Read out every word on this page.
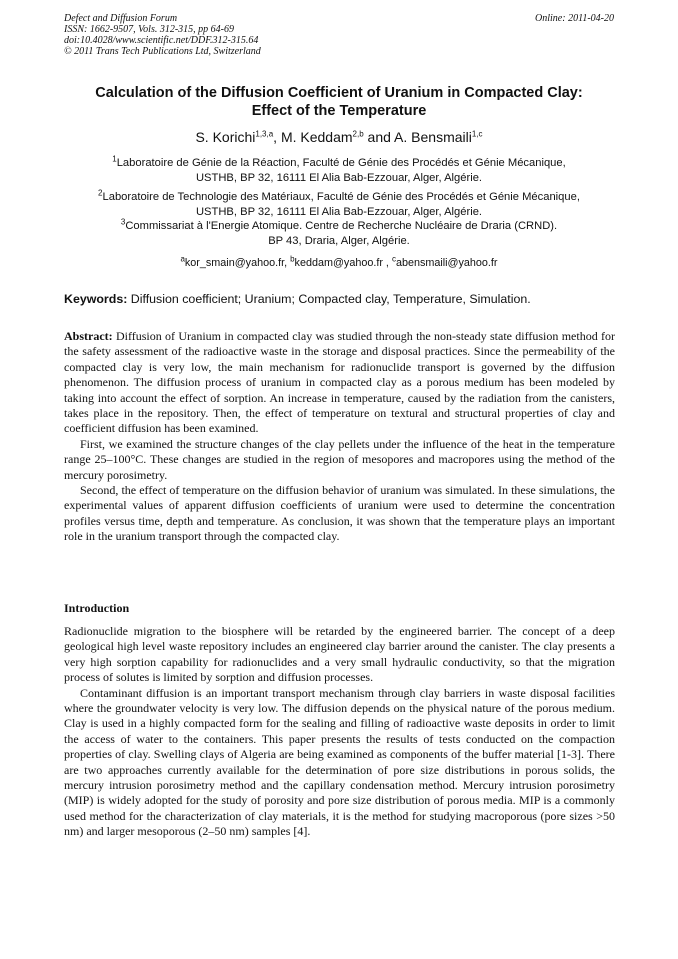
Defect and Diffusion Forum
ISSN: 1662-9507, Vols. 312-315, pp 64-69
doi:10.4028/www.scientific.net/DDF.312-315.64
© 2011 Trans Tech Publications Ltd, Switzerland
Online: 2011-04-20
Calculation of the Diffusion Coefficient of Uranium in Compacted Clay:
Effect of the Temperature
S. Korichi$^{1,3,a}$, M. Keddam$^{2,b}$ and A. Bensmaili$^{1,c}$
$^1$Laboratoire de Génie de la Réaction, Faculté de Génie des Procédés et Génie Mécanique,
USTHB, BP 32, 16111 El Alia Bab-Ezzouar, Alger, Algérie.
$^2$Laboratoire de Technologie des Matériaux, Faculté de Génie des Procédés et Génie Mécanique,
USTHB, BP 32, 16111 El Alia Bab-Ezzouar, Alger, Algérie.
$^3$Commissariat à l'Energie Atomique. Centre de Recherche Nucléaire de Draria (CRND).
BP 43, Draria, Alger, Algérie.
$^a$kor_smain@yahoo.fr, $^b$keddam@yahoo.fr , $^c$abensmaili@yahoo.fr
Keywords: Diffusion coefficient; Uranium; Compacted clay, Temperature, Simulation.

Abstract: Diffusion of Uranium in compacted clay was studied through the non-steady state diffusion method for the safety assessment of the radioactive waste in the storage and disposal practices. Since the permeability of the compacted clay is very low, the main mechanism for radionuclide transport is governed by the diffusion phenomenon. The diffusion process of uranium in compacted clay as a porous medium has been modeled by taking into account the effect of sorption. An increase in temperature, caused by the radiation from the canisters, takes place in the repository. Then, the effect of temperature on textural and structural properties of clay and coefficient diffusion has been examined.

First, we examined the structure changes of the clay pellets under the influence of the heat in the temperature range 25–100°C. These changes are studied in the region of mesopores and macropores using the method of the mercury porosimetry.

Second, the effect of temperature on the diffusion behavior of uranium was simulated. In these simulations, the experimental values of apparent diffusion coefficients of uranium were used to determine the concentration profiles versus time, depth and temperature. As conclusion, it was shown that the temperature plays an important role in the uranium transport through the compacted clay.

Introduction

Radionuclide migration to the biosphere will be retarded by the engineered barrier. The concept of a deep geological high level waste repository includes an engineered clay barrier around the canister. The clay presents a very high sorption capability for radionuclides and a very small hydraulic conductivity, so that the migration process of solutes is limited by sorption and diffusion processes.

Contaminant diffusion is an important transport mechanism through clay barriers in waste disposal facilities where the groundwater velocity is very low. The diffusion depends on the physical nature of the porous medium. Clay is used in a highly compacted form for the sealing and filling of radioactive waste deposits in order to limit the access of water to the containers. This paper presents the results of tests conducted on the compaction properties of clay. Swelling clays of Algeria are being examined as components of the buffer material [1-3]. There are two approaches currently available for the determination of pore size distributions in porous solids, the mercury intrusion porosimetry method and the capillary condensation method. Mercury intrusion porosimetry (MIP) is widely adopted for the study of porosity and pore size distribution of porous media. MIP is a commonly used method for the characterization of clay materials, it is the method for studying macroporous (pore sizes >50 nm) and larger mesoporous (2–50 nm) samples [4].
